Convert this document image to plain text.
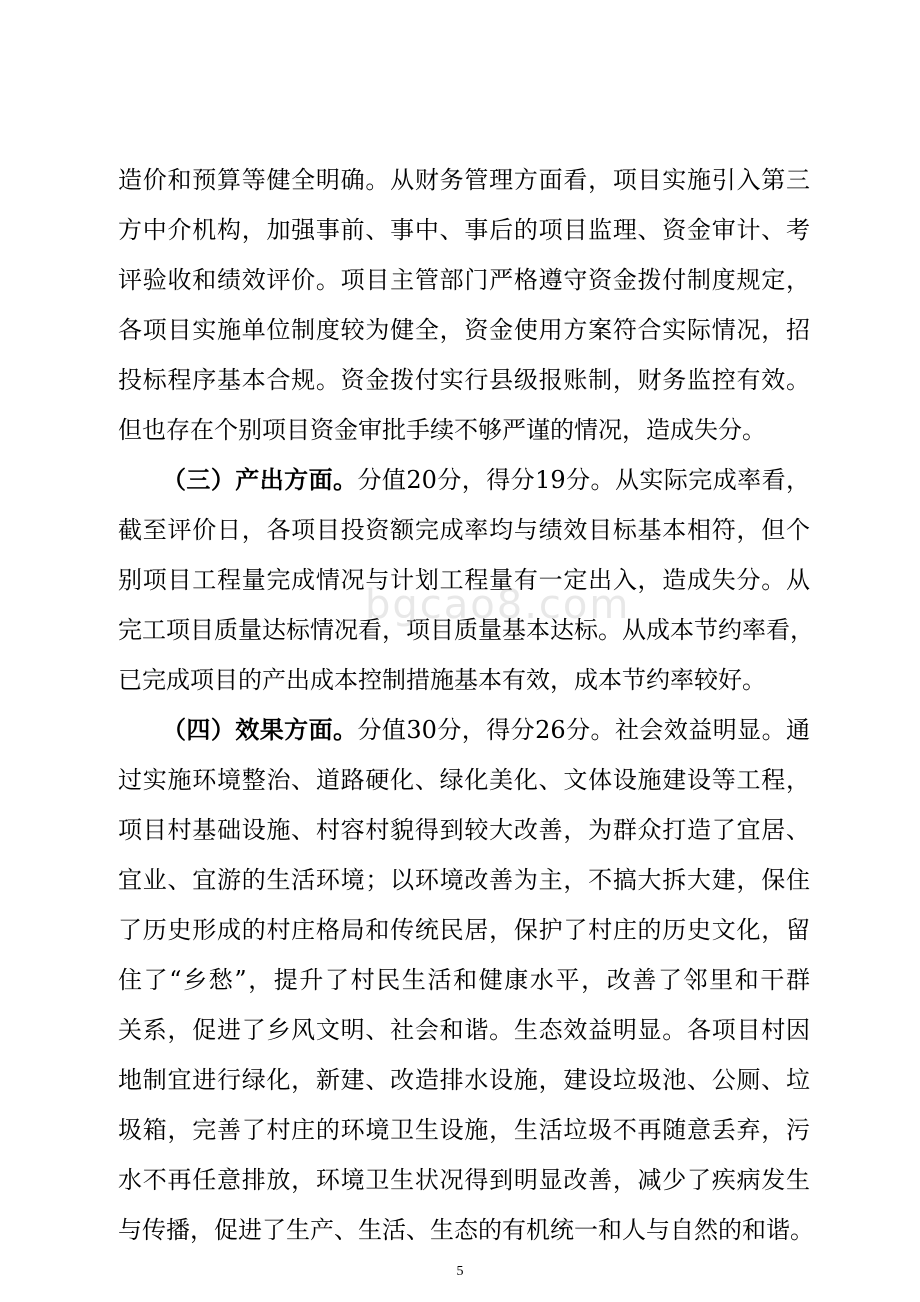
造价和预算等健全明确。从财务管理方面看，项目实施引入第三
方中介机构，加强事前、事中、事后的项目监理、资金审计、考
评验收和绩效评价。项目主管部门严格遵守资金拨付制度规定，
各项目实施单位制度较为健全，资金使用方案符合实际情况，招
投标程序基本合规。资金拨付实行县级报账制，财务监控有效。
但也存在个别项目资金审批手续不够严谨的情况，造成失分。
（三）产出方面。分值20分，得分19分。从实际完成率看，
截至评价日，各项目投资额完成率均与绩效目标基本相符，但个
别项目工程量完成情况与计划工程量有一定出入，造成失分。从
完工项目质量达标情况看，项目质量基本达标。从成本节约率看，
已完成项目的产出成本控制措施基本有效，成本节约率较好。
（四）效果方面。分值30分，得分26分。社会效益明显。通
过实施环境整治、道路硬化、绿化美化、文体设施建设等工程，
项目村基础设施、村容村貌得到较大改善，为群众打造了宜居、
宜业、宜游的生活环境；以环境改善为主，不搞大拆大建，保住
了历史形成的村庄格局和传统民居，保护了村庄的历史文化，留
住了“乡愁”，提升了村民生活和健康水平，改善了邻里和干群
关系，促进了乡风文明、社会和谐。生态效益明显。各项目村因
地制宜进行绿化，新建、改造排水设施，建设垃圾池、公厕、垃
圾箱，完善了村庄的环境卫生设施，生活垃圾不再随意丢弃，污
水不再任意排放，环境卫生状况得到明显改善，减少了疾病发生
与传播，促进了生产、生活、生态的有机统一和人与自然的和谐。
bgcao8.com
5
